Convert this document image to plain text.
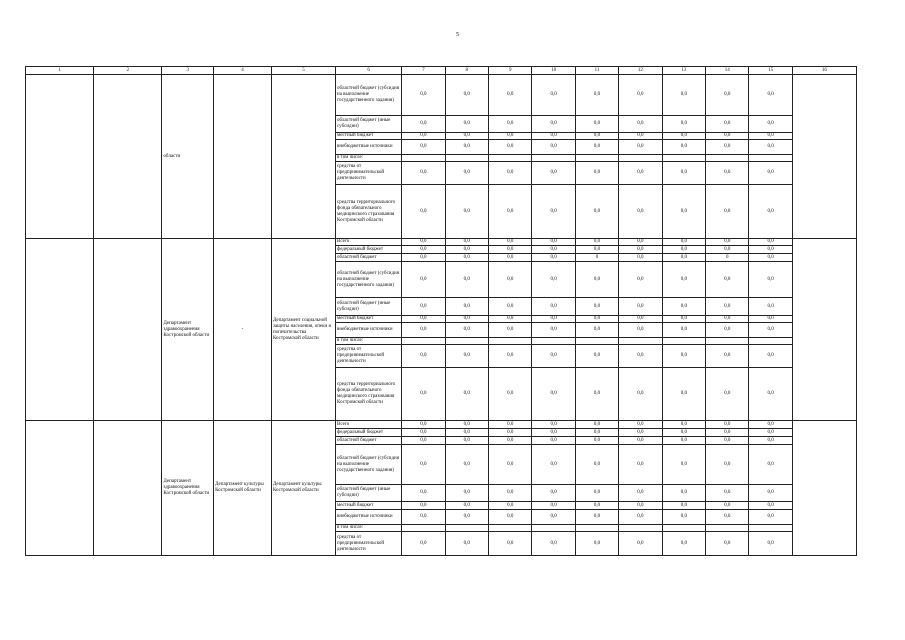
5
1	2	3	4	5	6	7	8	9	10	11	12	13	14	15	16
		области			областной бюджет (субсидия на выполнение государственного задания)	0,0	0,0	0,0	0,0	0,0	0,0	0,0	0,0	0,0	
					областной бюджет (иные субсидии)	0,0	0,0	0,0	0,0	0,0	0,0	0,0	0,0	0,0	
					местный бюджет	0,0	0,0	0,0	0,0	0,0	0,0	0,0	0,0	0,0	
					внебюджетные источники	0,0	0,0	0,0	0,0	0,0	0,0	0,0	0,0	0,0	
					в том числе:										
					средства от предпринимательской деятельности	0,0	0,0	0,0	0,0	0,0	0,0	0,0	0,0	0,0	
					средства территориального фонда обязательного медицинского страхования Костромской области	0,0	0,0	0,0	0,0	0,0	0,0	0,0	0,0	0,0	
		Департамент здравоохранения Костромской области	-	Департамент социальной защиты населения, опеки и попечительства Костромской области	Всего	0,0	0,0	0,0	0,0	0,0	0,0	0,0	0,0	0,0	
					федеральный бюджет	0,0	0,0	0,0	0,0	0,0	0,0	0,0	0,0	0,0	
					областной бюджет	0,0	0,0	0,0	0,0	0	0,0	0,0	0	0,0	
					областной бюджет (субсидия на выполнение государственного задания)	0,0	0,0	0,0	0,0	0,0	0,0	0,0	0,0	0,0	
					областной бюджет (иные субсидии)	0,0	0,0	0,0	0,0	0,0	0,0	0,0	0,0	0,0	
					местный бюджет	0,0	0,0	0,0	0,0	0,0	0,0	0,0	0,0	0,0	
					внебюджетные источники	0,0	0,0	0,0	0,0	0,0	0,0	0,0	0,0	0,0	
					в том числе:										
					средства от предпринимательской деятельности	0,0	0,0	0,0	0,0	0,0	0,0	0,0	0,0	0,0	
					средства территориального фонда обязательного медицинского страхования Костромской области	0,0	0,0	0,0	0,0	0,0	0,0	0,0	0,0	0,0	
		Департамент здравоохранения Костромской области	Департамент культуры Костромской области	Департамент культуры Костромской области	Всего	0,0	0,0	0,0	0,0	0,0	0,0	0,0	0,0	0,0	
					федеральный бюджет	0,0	0,0	0,0	0,0	0,0	0,0	0,0	0,0	0,0	
					областной бюджет	0,0	0,0	0,0	0,0	0,0	0,0	0,0	0,0	0,0	
					областной бюджет (субсидия на выполнение государственного задания)	0,0	0,0	0,0	0,0	0,0	0,0	0,0	0,0	0,0	
					областной бюджет (иные субсидии)	0,0	0,0	0,0	0,0	0,0	0,0	0,0	0,0	0,0	
					местный бюджет	0,0	0,0	0,0	0,0	0,0	0,0	0,0	0,0	0,0	
					внебюджетные источники	0,0	0,0	0,0	0,0	0,0	0,0	0,0	0,0	0,0	
					в том числе:										
					средства от предпринимательской деятельности	0,0	0,0	0,0	0,0	0,0	0,0	0,0	0,0	0,0	
